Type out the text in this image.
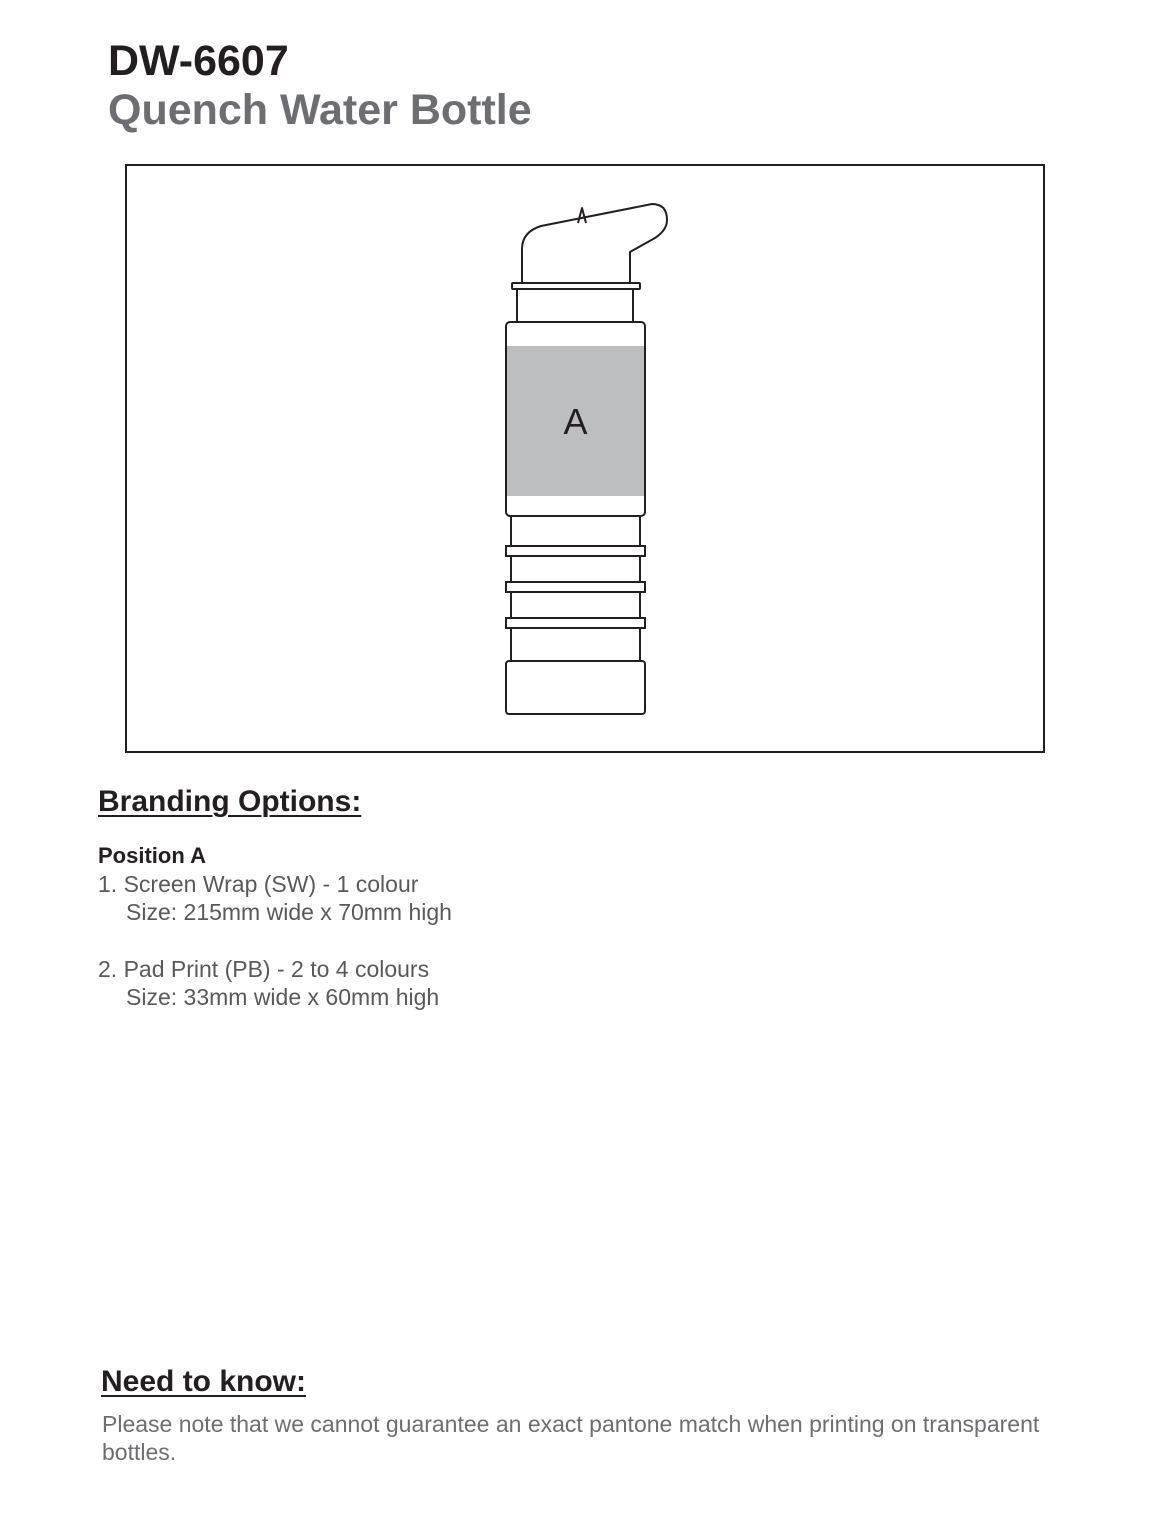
DW-6607
Quench Water Bottle
A
Branding Options:
Position A
1. Screen Wrap (SW) - 1 colour
Size: 215mm wide x 70mm high
2. Pad Print (PB) - 2 to 4 colours
Size: 33mm wide x 60mm high
Need to know:
Please note that we cannot guarantee an exact pantone match when printing on transparent bottles.
